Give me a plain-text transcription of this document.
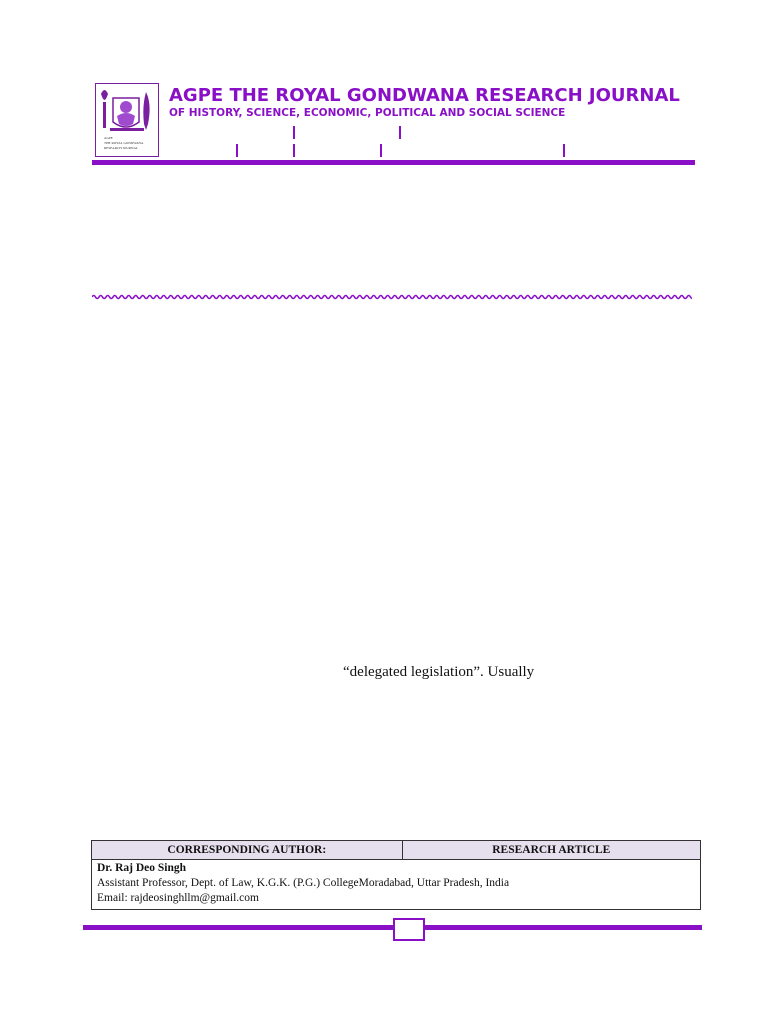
AGPE
THE ROYAL GONDWANA
RESEARCH JOURNAL
AGPE THE ROYAL GONDWANA RESEARCH JOURNAL
OF HISTORY, SCIENCE, ECONOMIC, POLITICAL AND SOCIAL SCIENCE
“delegated legislation”. Usually
CORRESPONDING AUTHOR:	RESEARCH ARTICLE

Dr. Raj Deo Singh
Assistant Professor, Dept. of Law, K.G.K. (P.G.) CollegeMoradabad, Uttar Pradesh, India
Email: rajdeosinghllm@gmail.com
